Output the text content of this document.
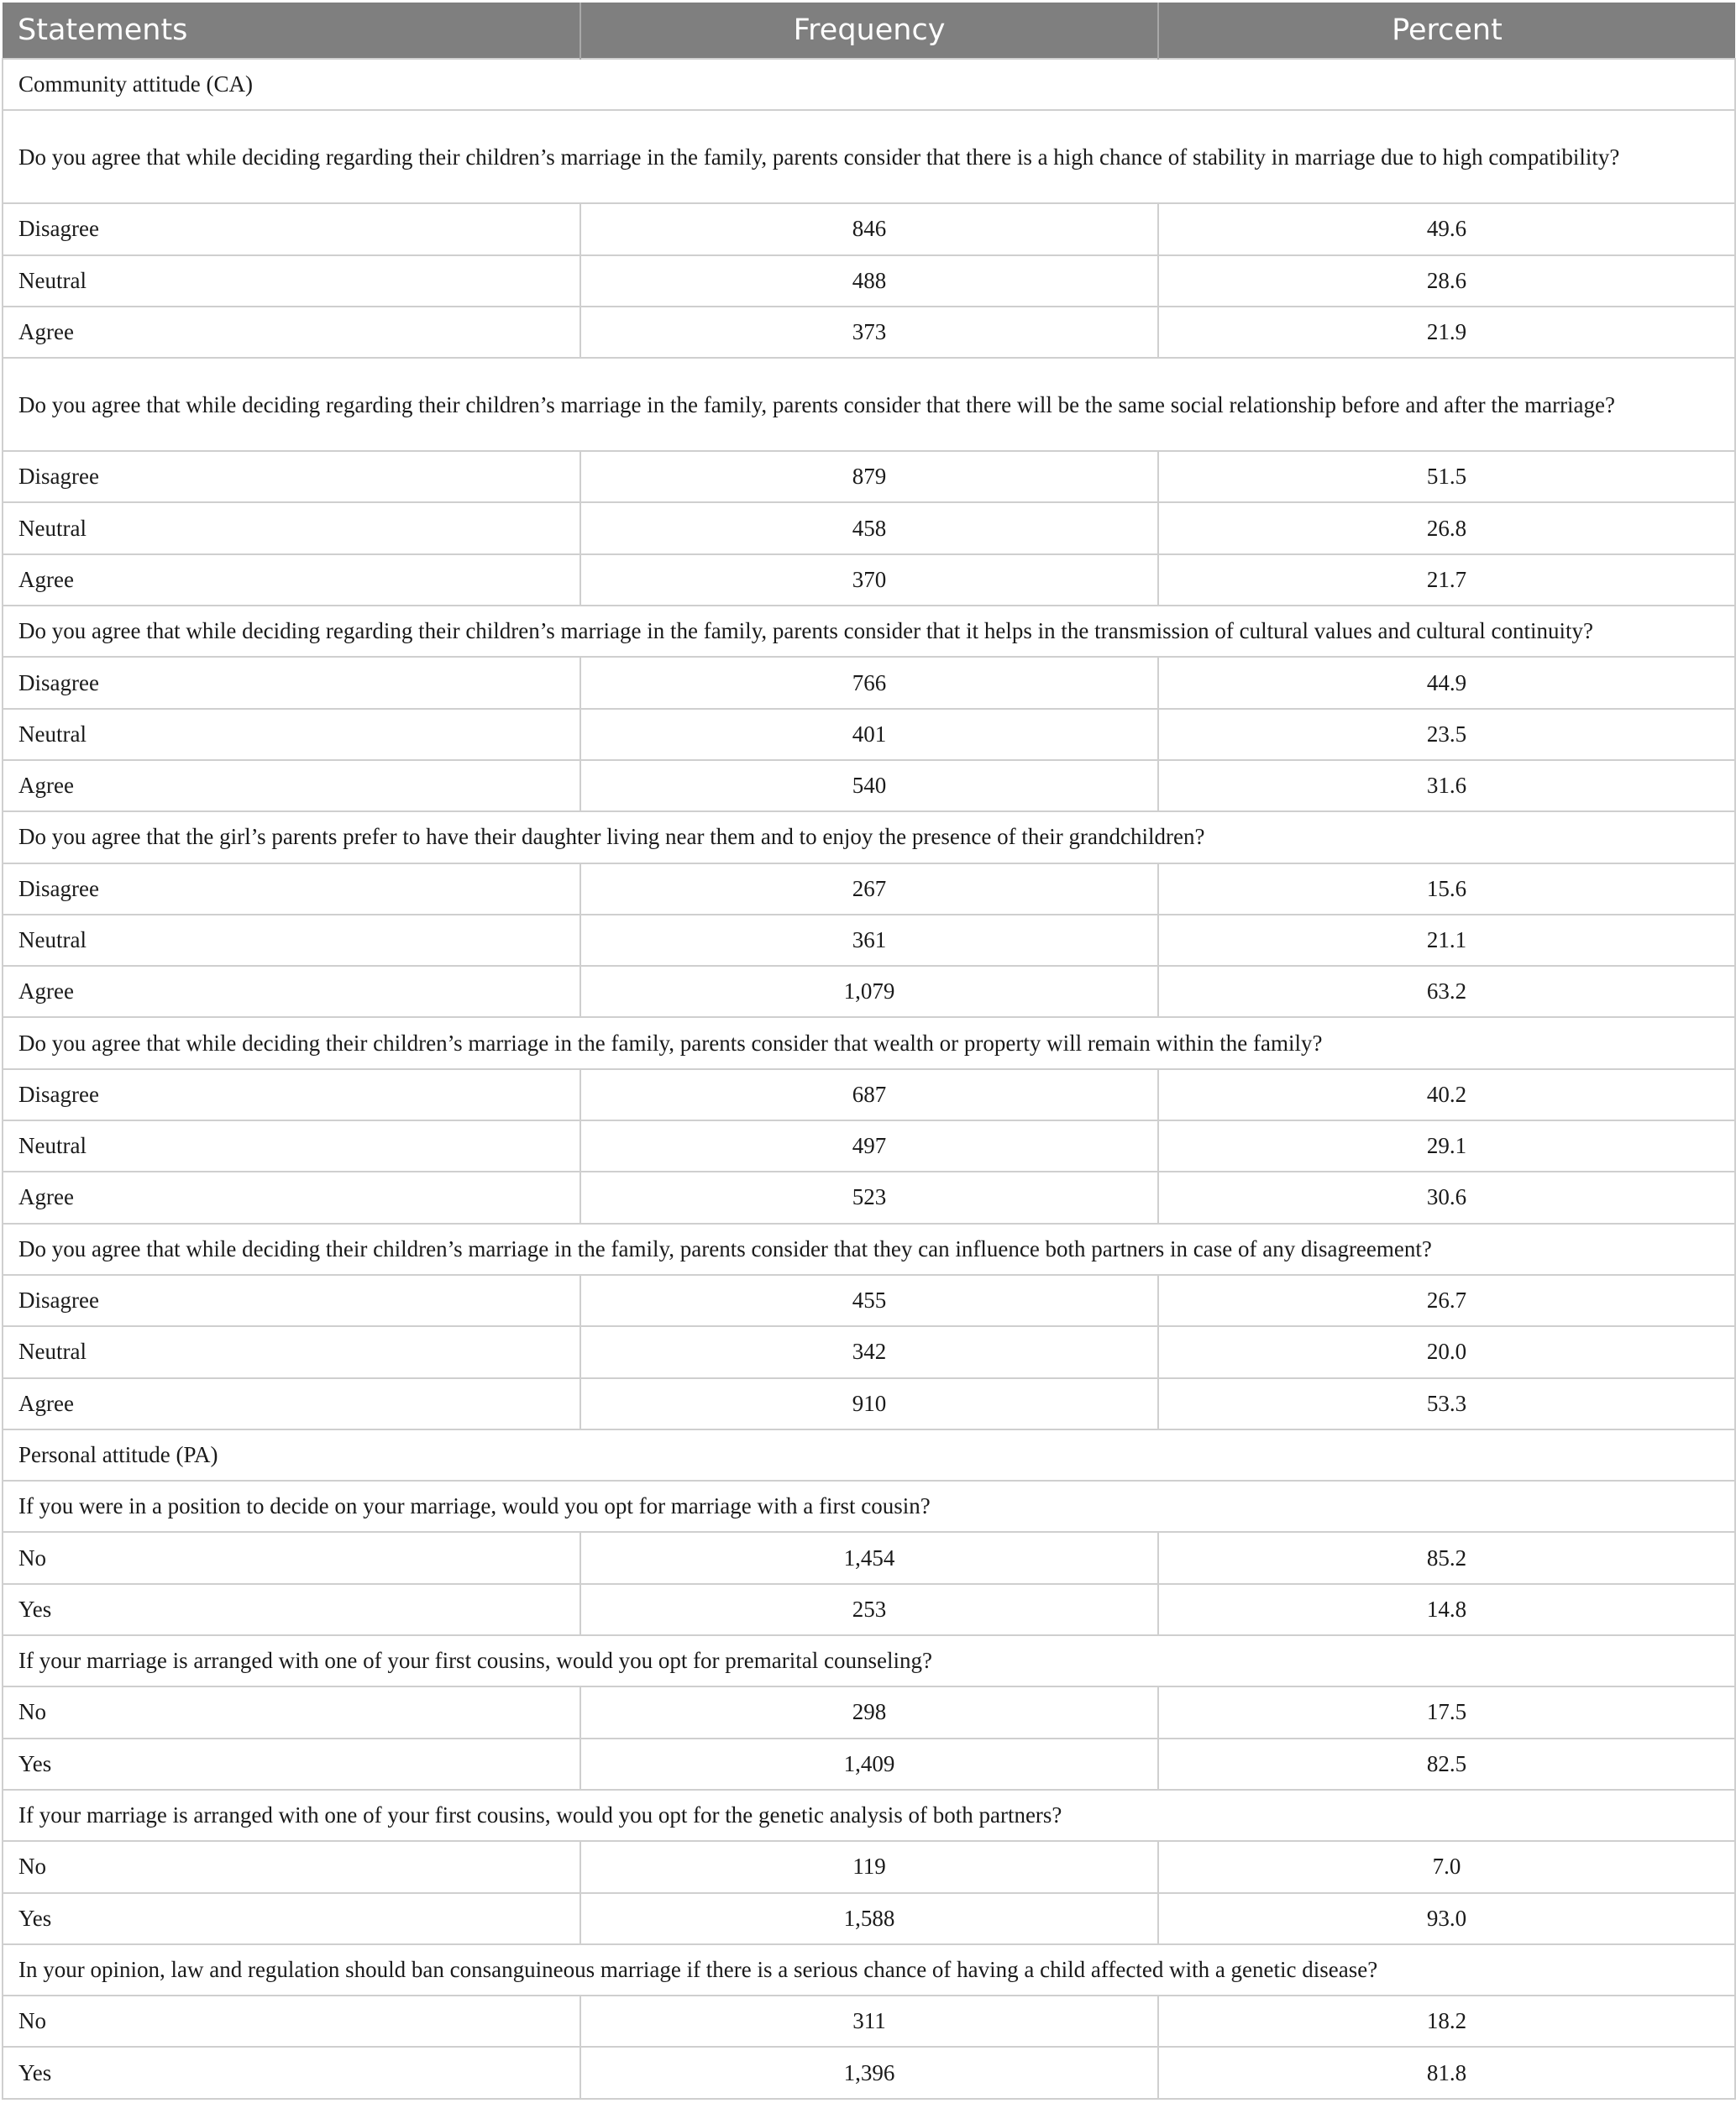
Statements	Frequency	Percent
Community attitude (CA)		
Do you agree that while deciding regarding their children’s marriage in the family, parents consider that there is a high chance of stability in marriage due to high compatibility?		
Disagree	846	49.6
Neutral	488	28.6
Agree	373	21.9
Do you agree that while deciding regarding their children’s marriage in the family, parents consider that there will be the same social relationship before and after the marriage?		
Disagree	879	51.5
Neutral	458	26.8
Agree	370	21.7
Do you agree that while deciding regarding their children’s marriage in the family, parents consider that it helps in the transmission of cultural values and cultural continuity?		
Disagree	766	44.9
Neutral	401	23.5
Agree	540	31.6
Do you agree that the girl’s parents prefer to have their daughter living near them and to enjoy the presence of their grandchildren?		
Disagree	267	15.6
Neutral	361	21.1
Agree	1,079	63.2
Do you agree that while deciding their children’s marriage in the family, parents consider that wealth or property will remain within the family?		
Disagree	687	40.2
Neutral	497	29.1
Agree	523	30.6
Do you agree that while deciding their children’s marriage in the family, parents consider that they can influence both partners in case of any disagreement?		
Disagree	455	26.7
Neutral	342	20.0
Agree	910	53.3
Personal attitude (PA)		
If you were in a position to decide on your marriage, would you opt for marriage with a first cousin?		
No	1,454	85.2
Yes	253	14.8
If your marriage is arranged with one of your first cousins, would you opt for premarital counseling?		
No	298	17.5
Yes	1,409	82.5
If your marriage is arranged with one of your first cousins, would you opt for the genetic analysis of both partners?		
No	119	7.0
Yes	1,588	93.0
In your opinion, law and regulation should ban consanguineous marriage if there is a serious chance of having a child affected with a genetic disease?		
No	311	18.2
Yes	1,396	81.8
